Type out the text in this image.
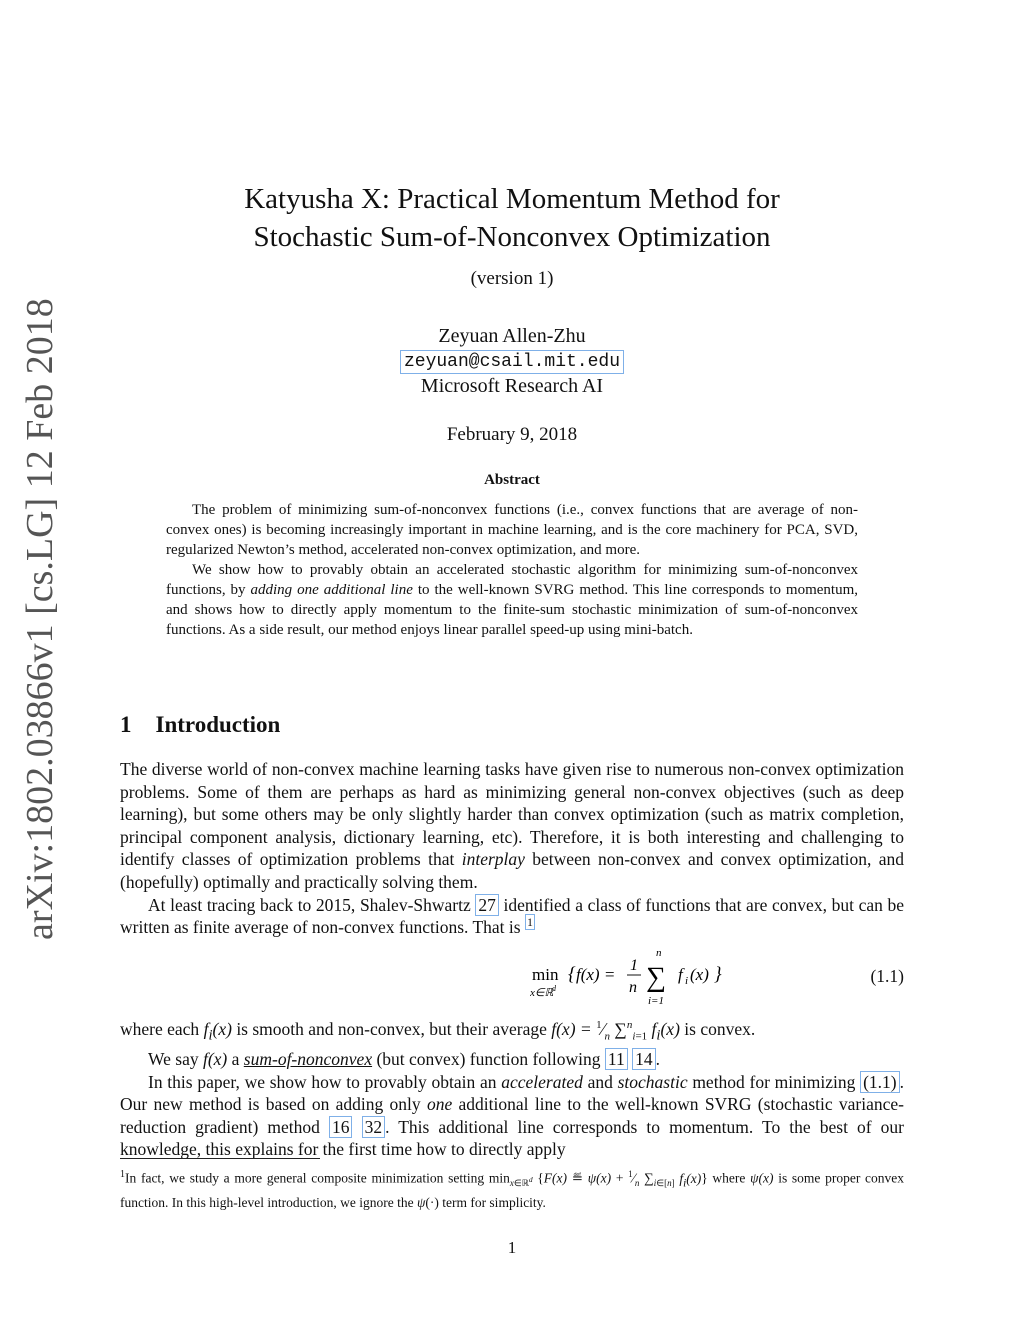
arXiv:1802.03866v1 [cs.LG] 12 Feb 2018
Katyusha X: Practical Momentum Method for
Stochastic Sum-of-Nonconvex Optimization
(version 1)
Zeyuan Allen-Zhu
zeyuan@csail.mit.edu
Microsoft Research AI
February 9, 2018
Abstract

The problem of minimizing sum-of-nonconvex functions (i.e., convex functions that are average of non-convex ones) is becoming increasingly important in machine learning, and is the core machinery for PCA, SVD, regularized Newton’s method, accelerated non-convex optimization, and more.

We show how to provably obtain an accelerated stochastic algorithm for minimizing sum-of-nonconvex functions, by adding one additional line to the well-known SVRG method. This line corresponds to momentum, and shows how to directly apply momentum to the finite-sum stochastic minimization of sum-of-nonconvex functions. As a side result, our method enjoys linear parallel speed-up using mini-batch.

1 Introduction

The diverse world of non-convex machine learning tasks have given rise to numerous non-convex optimization problems. Some of them are perhaps as hard as minimizing general non-convex objectives (such as deep learning), but some others may be only slightly harder than convex optimization (such as matrix completion, principal component analysis, dictionary learning, etc). Therefore, it is both interesting and challenging to identify classes of optimization problems that interplay between non-convex and convex optimization, and (hopefully) optimally and practically solving them.

At least tracing back to 2015, Shalev-Shwartz 27 identified a class of functions that are convex, but can be written as finite average of non-convex functions. That is $^1$

min
x∈ℝ
d
{ f(x) = 1
n
n
∑
i=1
f i (x) }	(1.1)

where each $f_i(x)$ is smooth and non-convex, but their average $f(x) = ^1⁄_n$ ∑$^n_{i=1}$ $f_i(x)$ is convex.

We say f(x) a sum-of-nonconvex (but convex) function following 11 14 .

In this paper, we show how to provably obtain an accelerated and stochastic method for minimizing (1.1) . Our new method is based on adding only one additional line to the well-known SVRG (stochastic variance-reduction gradient) method 16 32 . This additional line corresponds to momentum. To the best of our knowledge, this explains for the first time how to directly apply

$^1$In fact, we study a more general composite minimization setting $\min_{x\in ℝ^d} \{F(x)$ ≝ $\psi(x) + ^1⁄_n$ $\sum_{i\in[n]}$ $f_i(x)$} where ψ(x) is some proper convex function. In this high-level introduction, we ignore the ψ(·) term for simplicity.
1
